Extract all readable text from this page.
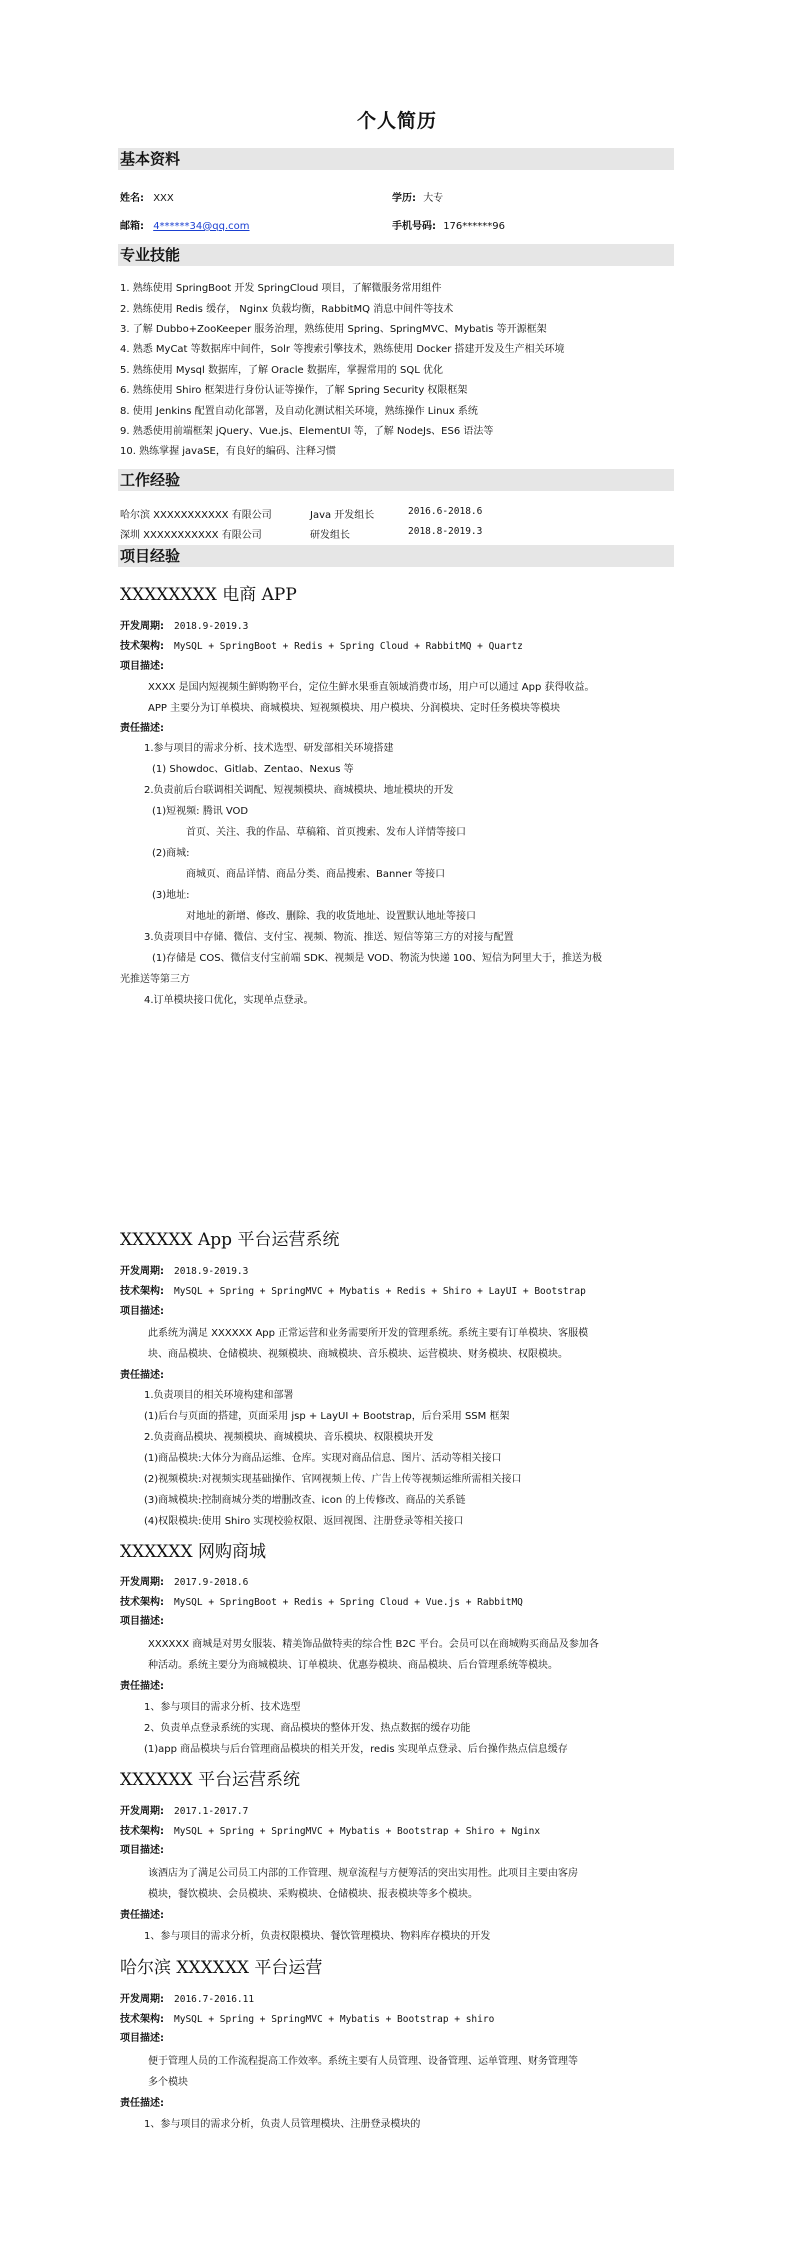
个人简历
基本资料
姓名: XXX	学历: 大专
邮箱: 4******34@qq.com	手机号码: 176******96
专业技能
1. 熟练使用 SpringBoot 开发 SpringCloud 项目，了解微服务常用组件
2. 熟练使用 Redis 缓存， Nginx 负载均衡，RabbitMQ 消息中间件等技术
3. 了解 Dubbo+ZooKeeper 服务治理，熟练使用 Spring、SpringMVC、Mybatis 等开源框架
4. 熟悉 MyCat 等数据库中间件，Solr 等搜索引擎技术，熟练使用 Docker 搭建开发及生产相关环境
5. 熟练使用 Mysql 数据库，了解 Oracle 数据库，掌握常用的 SQL 优化
6. 熟练使用 Shiro 框架进行身份认证等操作，了解 Spring Security 权限框架
8. 使用 Jenkins 配置自动化部署，及自动化测试相关环境，熟练操作 Linux 系统
9. 熟悉使用前端框架 jQuery、Vue.js、ElementUI 等，了解 NodeJs、ES6 语法等
10. 熟练掌握 javaSE，有良好的编码、注释习惯
工作经验
哈尔滨 XXXXXXXXXXX 有限公司	Java 开发组长	2016.6-2018.6
深圳 XXXXXXXXXXX 有限公司	研发组长	2018.8-2019.3
项目经验
XXXXXXXX 电商 APP
开发周期: 2018.9-2019.3
技术架构: MySQL + SpringBoot + Redis + Spring Cloud + RabbitMQ + Quartz
项目描述:
XXXX 是国内短视频生鲜购物平台，定位生鲜水果垂直领域消费市场，用户可以通过 App 获得收益。
APP 主要分为订单模块、商城模块、短视频模块、用户模块、分润模块、定时任务模块等模块
责任描述:
1.参与项目的需求分析、技术选型、研发部相关环境搭建
(1) Showdoc、Gitlab、Zentao、Nexus 等
2.负责前后台联调相关调配、短视频模块、商城模块、地址模块的开发
(1)短视频: 腾讯 VOD
首页、关注、我的作品、草稿箱、首页搜索、发布人详情等接口
(2)商城:
商城页、商品详情、商品分类、商品搜索、Banner 等接口
(3)地址:
对地址的新增、修改、删除、我的收货地址、设置默认地址等接口
3.负责项目中存储、微信、支付宝、视频、物流、推送、短信等第三方的对接与配置
(1)存储是 COS、微信支付宝前端 SDK、视频是 VOD、物流为快递 100、短信为阿里大于，推送为极
光推送等第三方
4.订单模块接口优化，实现单点登录。
XXXXXX App 平台运营系统
开发周期: 2018.9-2019.3
技术架构: MySQL + Spring + SpringMVC + Mybatis + Redis + Shiro + LayUI + Bootstrap
项目描述:
此系统为满足 XXXXXX App 正常运营和业务需要所开发的管理系统。系统主要有订单模块、客服模
块、商品模块、仓储模块、视频模块、商城模块、音乐模块、运营模块、财务模块、权限模块。
责任描述:
1.负责项目的相关环境构建和部署
(1)后台与页面的搭建，页面采用 jsp + LayUI + Bootstrap，后台采用 SSM 框架
2.负责商品模块、视频模块、商城模块、音乐模块、权限模块开发
(1)商品模块:大体分为商品运维、仓库。实现对商品信息、图片、活动等相关接口
(2)视频模块:对视频实现基础操作、官网视频上传、广告上传等视频运维所需相关接口
(3)商城模块:控制商城分类的增删改查、icon 的上传修改、商品的关系链
(4)权限模块:使用 Shiro 实现校验权限、返回视图、注册登录等相关接口
XXXXXX 网购商城
开发周期: 2017.9-2018.6
技术架构: MySQL + SpringBoot + Redis + Spring Cloud + Vue.js + RabbitMQ
项目描述:
XXXXXX 商城是对男女服装、精美饰品做特卖的综合性 B2C 平台。会员可以在商城购买商品及参加各
种活动。系统主要分为商城模块、订单模块、优惠券模块、商品模块、后台管理系统等模块。
责任描述:
1、参与项目的需求分析、技术选型
2、负责单点登录系统的实现、商品模块的整体开发、热点数据的缓存功能
(1)app 商品模块与后台管理商品模块的相关开发，redis 实现单点登录、后台操作热点信息缓存
XXXXXX 平台运营系统
开发周期: 2017.1-2017.7
技术架构: MySQL + Spring + SpringMVC + Mybatis + Bootstrap + Shiro + Nginx
项目描述:
该酒店为了满足公司员工内部的工作管理、规章流程与方便筹活的突出实用性。此项目主要由客房
模块，餐饮模块、会员模块、采购模块、仓储模块、报表模块等多个模块。
责任描述:
1、参与项目的需求分析，负责权限模块、餐饮管理模块、物料库存模块的开发
哈尔滨 XXXXXX 平台运营
开发周期: 2016.7-2016.11
技术架构: MySQL + Spring + SpringMVC + Mybatis + Bootstrap + shiro
项目描述:
便于管理人员的工作流程提高工作效率。系统主要有人员管理、设备管理、运单管理、财务管理等
多个模块
责任描述:
1、参与项目的需求分析，负责人员管理模块、注册登录模块的
